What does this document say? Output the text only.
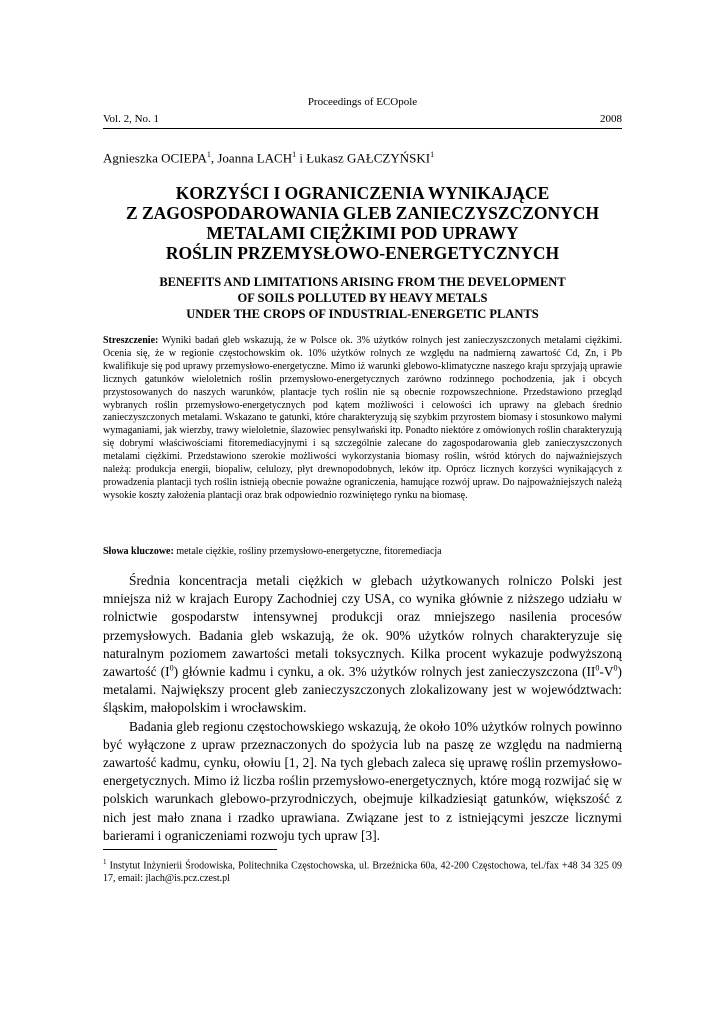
Proceedings of ECOpole
Vol. 2, No. 1	2008
Agnieszka OCIEPA$^1$, Joanna LACH$^1$ i Łukasz GAŁCZYŃSKI$^1$
KORZYŚCI I OGRANICZENIA WYNIKAJĄCE
Z ZAGOSPODAROWANIA GLEB ZANIECZYSZCZONYCH
METALAMI CIĘŻKIMI POD UPRAWY
ROŚLIN PRZEMYSŁOWO-ENERGETYCZNYCH
BENEFITS AND LIMITATIONS ARISING FROM THE DEVELOPMENT
OF SOILS POLLUTED BY HEAVY METALS
UNDER THE CROPS OF INDUSTRIAL-ENERGETIC PLANTS
Streszczenie: Wyniki badań gleb wskazują, że w Polsce ok. 3% użytków rolnych jest zanieczyszczonych metalami ciężkimi. Ocenia się, że w regionie częstochowskim ok. 10% użytków rolnych ze względu na nadmierną zawartość Cd, Zn, i Pb kwalifikuje się pod uprawy przemysłowo-energetyczne. Mimo iż warunki glebowo-klimatyczne naszego kraju sprzyjają uprawie licznych gatunków wieloletnich roślin przemysłowo-energetycznych zarówno rodzinnego pochodzenia, jak i obcych przystosowanych do naszych warunków, plantacje tych roślin nie są obecnie rozpowszechnione. Przedstawiono przegląd wybranych roślin przemysłowo-energetycznych pod kątem możliwości i celowości ich uprawy na glebach średnio zanieczyszczonych metalami. Wskazano te gatunki, które charakteryzują się szybkim przyrostem biomasy i stosunkowo małymi wymaganiami, jak wierzby, trawy wieloletnie, ślazowiec pensylwański itp. Ponadto niektóre z omówionych roślin charakteryzują się dobrymi właściwościami fitoremediacyjnymi i są szczególnie zalecane do zagospodarowania gleb zanieczyszczonych metalami ciężkimi. Przedstawiono szerokie możliwości wykorzystania biomasy roślin, wśród których do najważniejszych należą: produkcja energii, biopaliw, celulozy, płyt drewnopodobnych, leków itp. Oprócz licznych korzyści wynikających z prowadzenia plantacji tych roślin istnieją obecnie poważne ograniczenia, hamujące rozwój upraw. Do najpoważniejszych należą wysokie koszty założenia plantacji oraz brak odpowiednio rozwiniętego rynku na biomasę.
Słowa kluczowe: metale ciężkie, rośliny przemysłowo-energetyczne, fitoremediacja

Średnia koncentracja metali ciężkich w glebach użytkowanych rolniczo Polski jest mniejsza niż w krajach Europy Zachodniej czy USA, co wynika głównie z niższego udziału w rolnictwie gospodarstw intensywnej produkcji oraz mniejszego nasilenia procesów przemysłowych. Badania gleb wskazują, że ok. 90% użytków rolnych charakteryzuje się naturalnym poziomem zawartości metali toksycznych. Kilka procent wykazuje podwyższoną zawartość $(I^0)$ głównie kadmu i cynku, a ok. 3% użytków rolnych jest zanieczyszczona $(II^0-V^0)$ metalami. Największy procent gleb zanieczyszczonych zlokalizowany jest w województwach: śląskim, małopolskim i wrocławskim.

Badania gleb regionu częstochowskiego wskazują, że około 10% użytków rolnych powinno być wyłączone z upraw przeznaczonych do spożycia lub na paszę ze względu na nadmierną zawartość kadmu, cynku, ołowiu [1, 2]. Na tych glebach zaleca się uprawę roślin przemysłowo-energetycznych. Mimo iż liczba roślin przemysłowo-energetycznych, które mogą rozwijać się w polskich warunkach glebowo-przyrodniczych, obejmuje kilkadziesiąt gatunków, większość z nich jest mało znana i rzadko uprawiana. Związane jest to z istniejącymi jeszcze licznymi barierami i ograniczeniami rozwoju tych upraw [3].

$^1$ Instytut Inżynierii Środowiska, Politechnika Częstochowska, ul. Brzeźnicka 60a, 42-200 Częstochowa, tel./fax +48 34 325 09 17, email: jlach@is.pcz.czest.pl
